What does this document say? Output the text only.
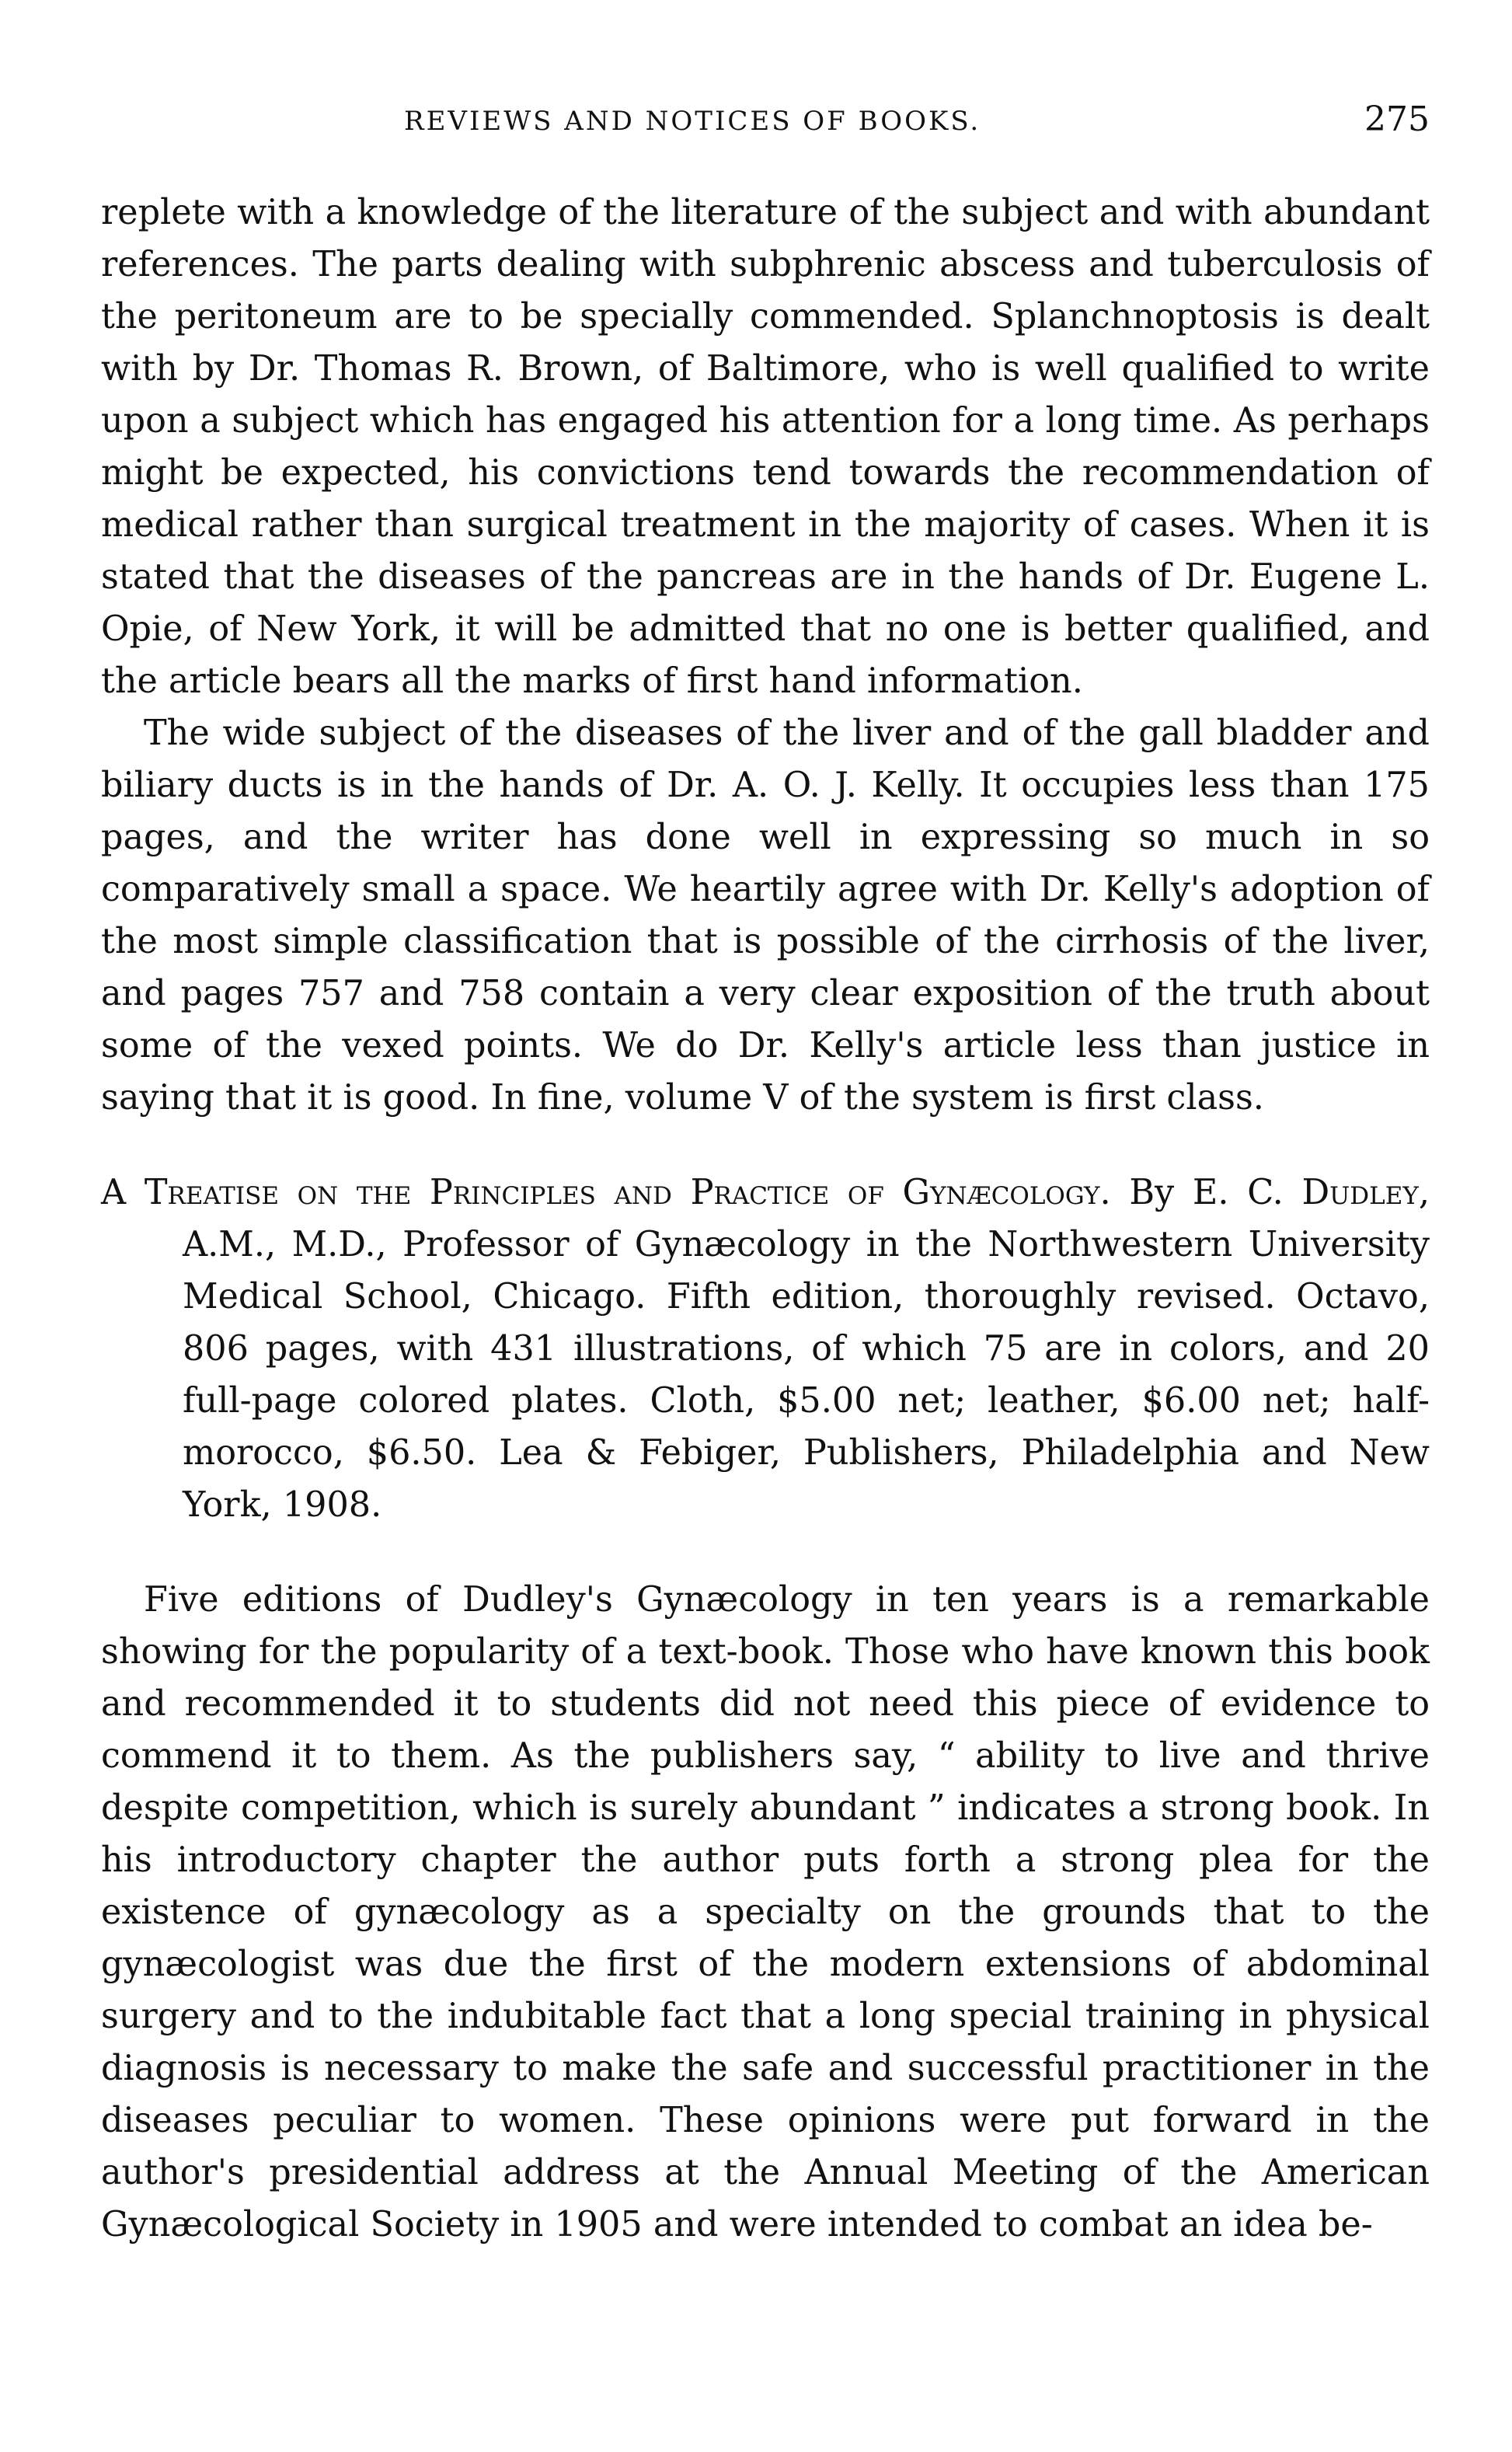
REVIEWS AND NOTICES OF BOOKS.	275

replete with a knowledge of the literature of the subject and with abundant references. The parts dealing with subphrenic abscess and tuberculosis of the peritoneum are to be specially commended. Splanchnoptosis is dealt with by Dr. Thomas R. Brown, of Baltimore, who is well qualified to write upon a subject which has engaged his attention for a long time. As perhaps might be expected, his convictions tend towards the recommendation of medical rather than surgical treatment in the majority of cases. When it is stated that the diseases of the pancreas are in the hands of Dr. Eugene L. Opie, of New York, it will be admitted that no one is better qualified, and the article bears all the marks of first hand information.

The wide subject of the diseases of the liver and of the gall bladder and biliary ducts is in the hands of Dr. A. O. J. Kelly. It occupies less than 175 pages, and the writer has done well in expressing so much in so comparatively small a space. We heartily agree with Dr. Kelly's adoption of the most simple classification that is possible of the cirrhosis of the liver, and pages 757 and 758 contain a very clear exposition of the truth about some of the vexed points. We do Dr. Kelly's article less than justice in saying that it is good. In fine, volume V of the system is first class.

A Treatise on the Principles and Practice of Gynæcology. By E. C. Dudley, A.M., M.D., Professor of Gynæcology in the Northwestern University Medical School, Chicago. Fifth edition, thoroughly revised. Octavo, 806 pages, with 431 illustrations, of which 75 are in colors, and 20 full-page colored plates. Cloth, $5.00 net; leather, $6.00 net; half-morocco, $6.50. Lea & Febiger, Publishers, Philadelphia and New York, 1908.

Five editions of Dudley's Gynæcology in ten years is a remarkable showing for the popularity of a text-book. Those who have known this book and recommended it to students did not need this piece of evidence to commend it to them. As the publishers say, “ ability to live and thrive despite competition, which is surely abundant ” indicates a strong book. In his introductory chapter the author puts forth a strong plea for the existence of gynæcology as a specialty on the grounds that to the gynæcologist was due the first of the modern extensions of abdominal surgery and to the indubitable fact that a long special training in physical diagnosis is necessary to make the safe and successful practitioner in the diseases peculiar to women. These opinions were put forward in the author's presidential address at the Annual Meeting of the American Gynæcological Society in 1905 and were intended to combat an idea be-
